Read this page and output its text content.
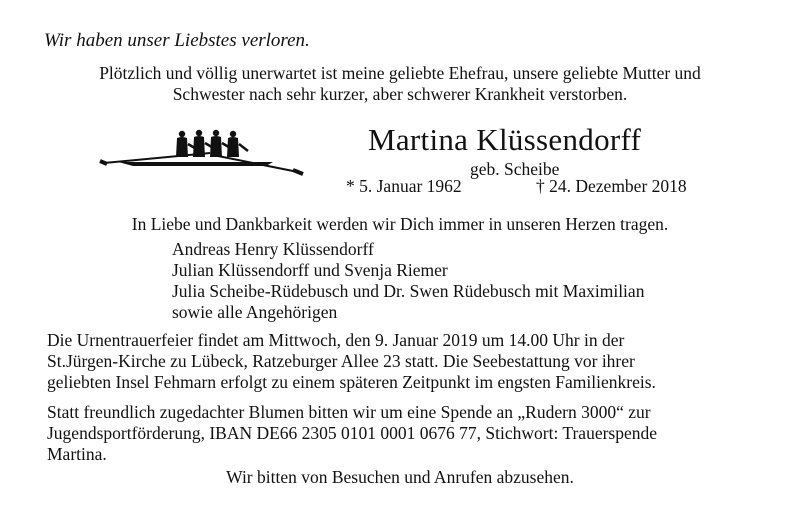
Wir haben unser Liebstes verloren.
Plötzlich und völlig unerwartet ist meine geliebte Ehefrau, unsere geliebte Mutter und
Schwester nach sehr kurzer, aber schwerer Krankheit verstorben.
Martina Klüssendorff
geb. Scheibe
* 5. Januar 1962	† 24. Dezember 2018
In Liebe und Dankbarkeit werden wir Dich immer in unseren Herzen tragen.
Andreas Henry Klüssendorff
Julian Klüssendorff und Svenja Riemer
Julia Scheibe-Rüdebusch und Dr. Swen Rüdebusch mit Maximilian
sowie alle Angehörigen
Die Urnentrauerfeier findet am Mittwoch, den 9. Januar 2019 um 14.00 Uhr in der
St.Jürgen-Kirche zu Lübeck, Ratzeburger Allee 23 statt. Die Seebestattung vor ihrer
geliebten Insel Fehmarn erfolgt zu einem späteren Zeitpunkt im engsten Familienkreis.
Statt freundlich zugedachter Blumen bitten wir um eine Spende an „Rudern 3000“ zur
Jugendsportförderung, IBAN DE66 2305 0101 0001 0676 77, Stichwort: Trauerspende
Martina.
Wir bitten von Besuchen und Anrufen abzusehen.
